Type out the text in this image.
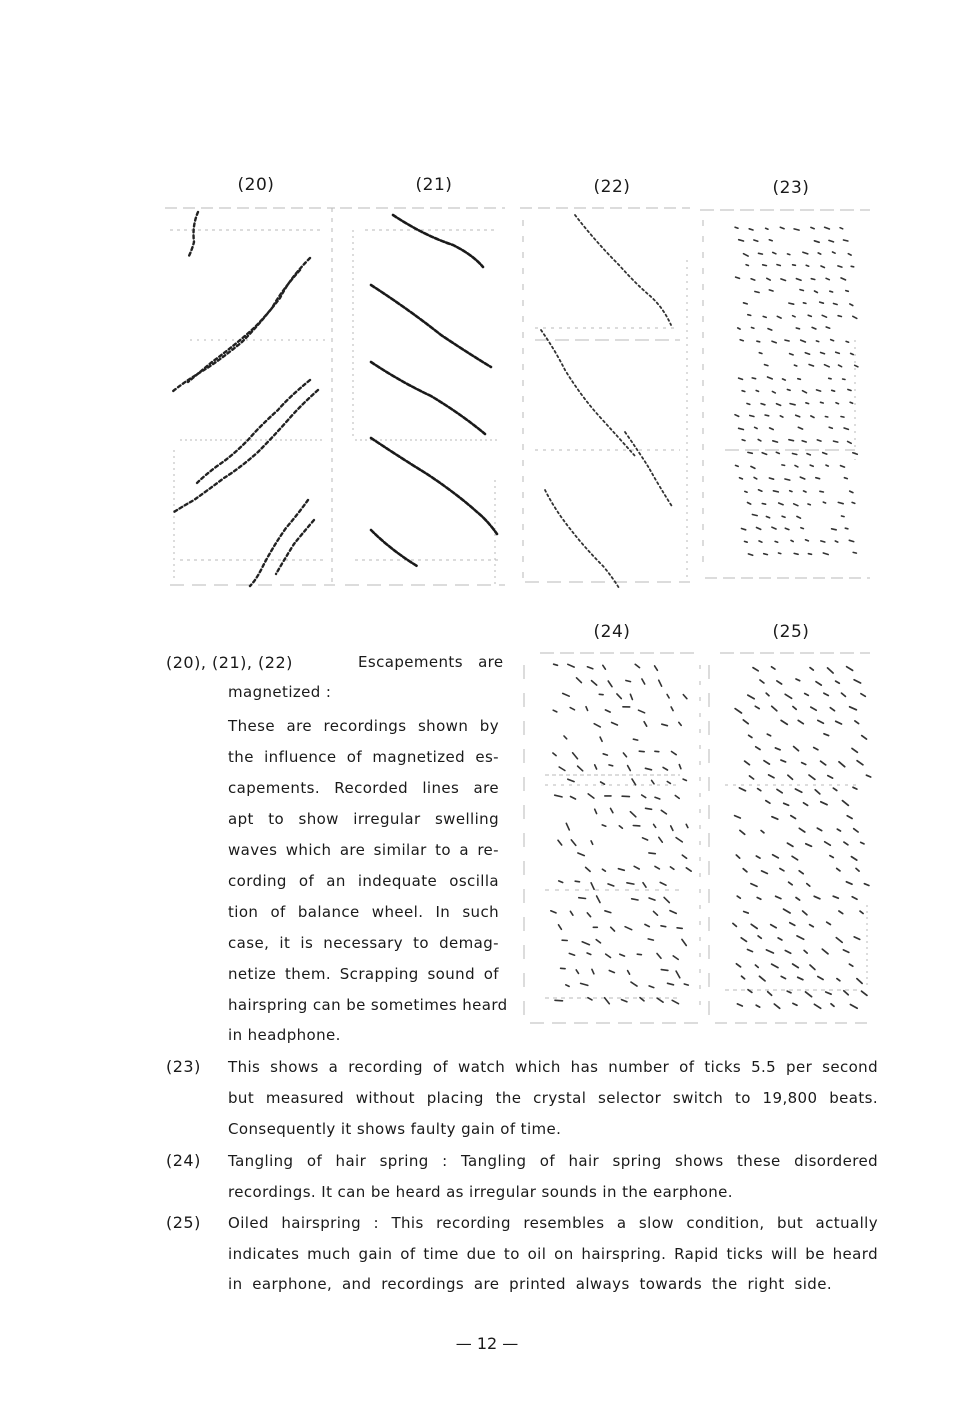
(20)	(21)	(22)	(23)
(24)	(25)
(20), (21), (22)	Escapements are
magnetized :
These are recordings shown by
the influence of magnetized es-
capements. Recorded lines are
apt to show irregular swelling
waves which are similar to a re-
cording of an indequate oscilla
tion of balance wheel. In such
case, it is necessary to demag-
netize them. Scrapping sound of
hairspring can be sometimes heard
in headphone.
(23) This shows a recording of watch which has number of ticks 5.5 per second
but measured without placing the crystal selector switch to 19,800 beats.
Consequently it shows faulty gain of time.
(24) Tangling of hair spring : Tangling of hair spring shows these disordered
recordings. It can be heard as irregular sounds in the earphone.
(25) Oiled hairspring : This recording resembles a slow condition, but actually
indicates much gain of time due to oil on hairspring. Rapid ticks will be heard
in earphone, and recordings are printed always towards the right side.
— 12 —
